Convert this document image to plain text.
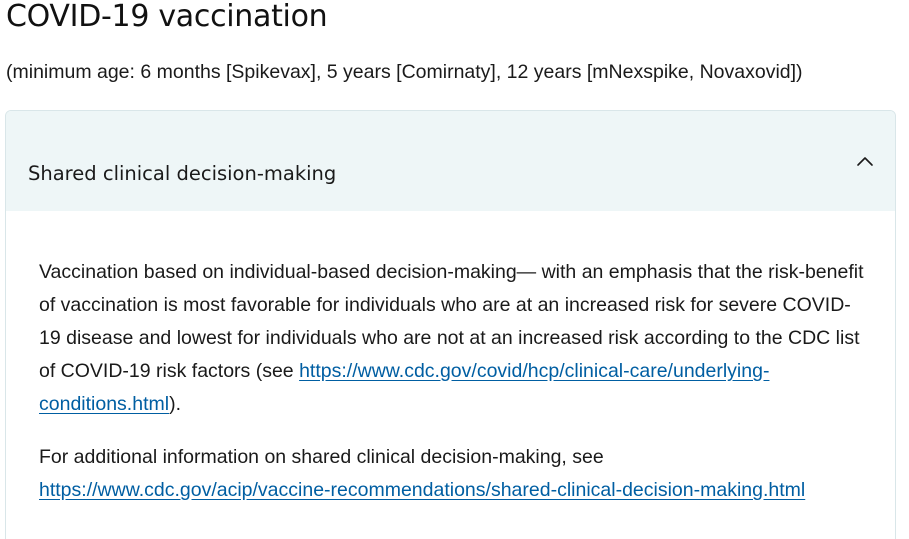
COVID-19 vaccination

(minimum age: 6 months [Spikevax], 5 years [Comirnaty], 12 years [mNexspike, Novaxovid])

Shared clinical decision-making

Vaccination based on individual-based decision-making— with an emphasis that the risk-benefit of vaccination is most favorable for individuals who are at an increased risk for severe COVID-19 disease and lowest for individuals who are not at an increased risk according to the CDC list of COVID-19 risk factors (see https://www.cdc.gov/covid/hcp/clinical-care/underlying-conditions.html).

For additional information on shared clinical decision-making, see https://www.cdc.gov/acip/vaccine-recommendations/shared-clinical-decision-making.html
